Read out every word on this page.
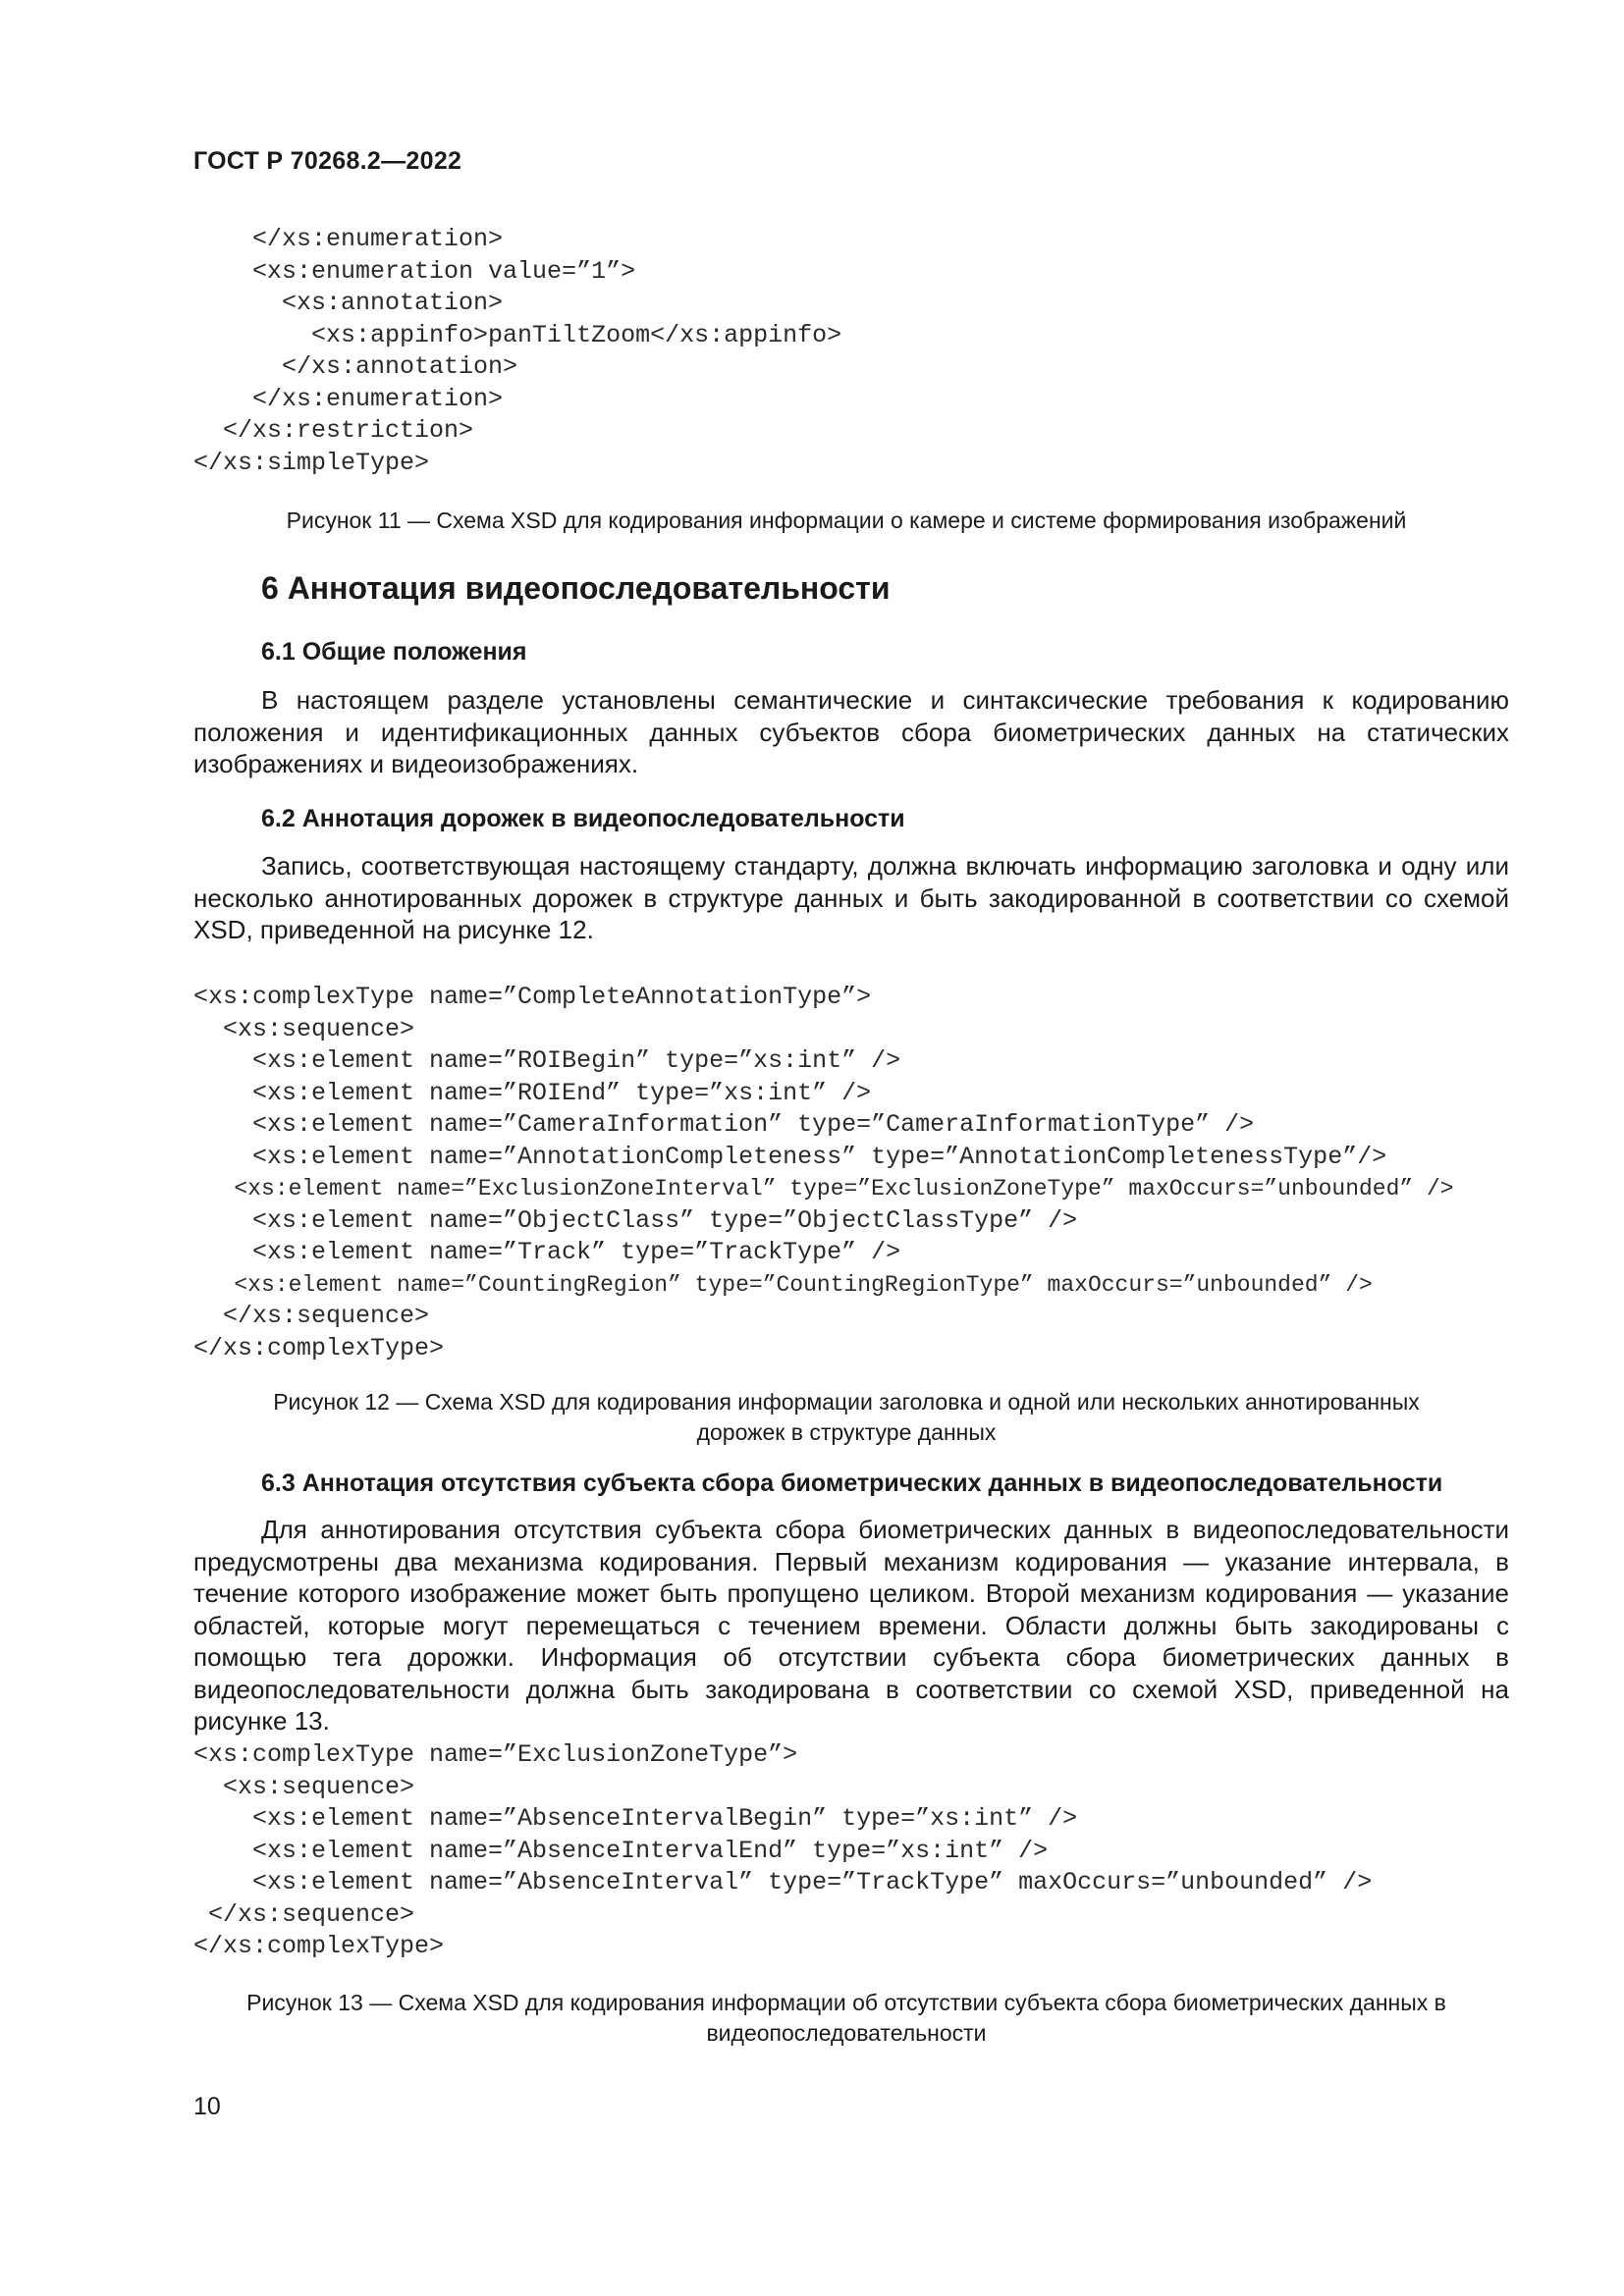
ГОСТ Р 70268.2—2022
</xs:enumeration>
<xs:enumeration value=”1”>
<xs:annotation>
<xs:appinfo>panTiltZoom</xs:appinfo>
</xs:annotation>
</xs:enumeration>
</xs:restriction>
</xs:simpleType>
Рисунок 11 — Схема XSD для кодирования информации о камере и системе формирования изображений
6 Аннотация видеопоследовательности
6.1 Общие положения

В настоящем разделе установлены семантические и синтаксические требования к кодированию положения и идентификационных данных субъектов сбора биометрических данных на статических изображениях и видеоизображениях.

6.2 Аннотация дорожек в видеопоследовательности

Запись, соответствующая настоящему стандарту, должна включать информацию заголовка и одну или несколько аннотированных дорожек в структуре данных и быть закодированной в соответствии со схемой XSD, приведенной на рисунке 12.

<xs:complexType name=”CompleteAnnotationType”>
<xs:sequence>
<xs:element name=”ROIBegin” type=”xs:int” />
<xs:element name=”ROIEnd” type=”xs:int” />
<xs:element name=”CameraInformation” type=”CameraInformationType” />
<xs:element name=”AnnotationCompleteness” type=”AnnotationCompletenessType”/>
<xs:element name=”ExclusionZoneInterval” type=”ExclusionZoneType” maxOccurs=”unbounded” />
<xs:element name=”ObjectClass” type=”ObjectClassType” />
<xs:element name=”Track” type=”TrackType” />
<xs:element name=”CountingRegion” type=”CountingRegionType” maxOccurs=”unbounded” />
</xs:sequence>
</xs:complexType>
Рисунок 12 — Схема XSD для кодирования информации заголовка и одной или нескольких аннотированных
дорожек в структуре данных
6.3 Аннотация отсутствия субъекта сбора биометрических данных в видеопоследовательности

Для аннотирования отсутствия субъекта сбора биометрических данных в видеопоследовательности предусмотрены два механизма кодирования. Первый механизм кодирования — указание интервала, в течение которого изображение может быть пропущено целиком. Второй механизм кодирования — указание областей, которые могут перемещаться с течением времени. Области должны быть закодированы с помощью тега дорожки. Информация об отсутствии субъекта сбора биометрических данных в видеопоследовательности должна быть закодирована в соответствии со схемой XSD, приведенной на рисунке 13.

<xs:complexType name=”ExclusionZoneType”>
<xs:sequence>
<xs:element name=”AbsenceIntervalBegin” type=”xs:int” />
<xs:element name=”AbsenceIntervalEnd” type=”xs:int” />
<xs:element name=”AbsenceInterval” type=”TrackType” maxOccurs=”unbounded” />
</xs:sequence>
</xs:complexType>
Рисунок 13 — Схема XSD для кодирования информации об отсутствии субъекта сбора биометрических данных в
видеопоследовательности
10
